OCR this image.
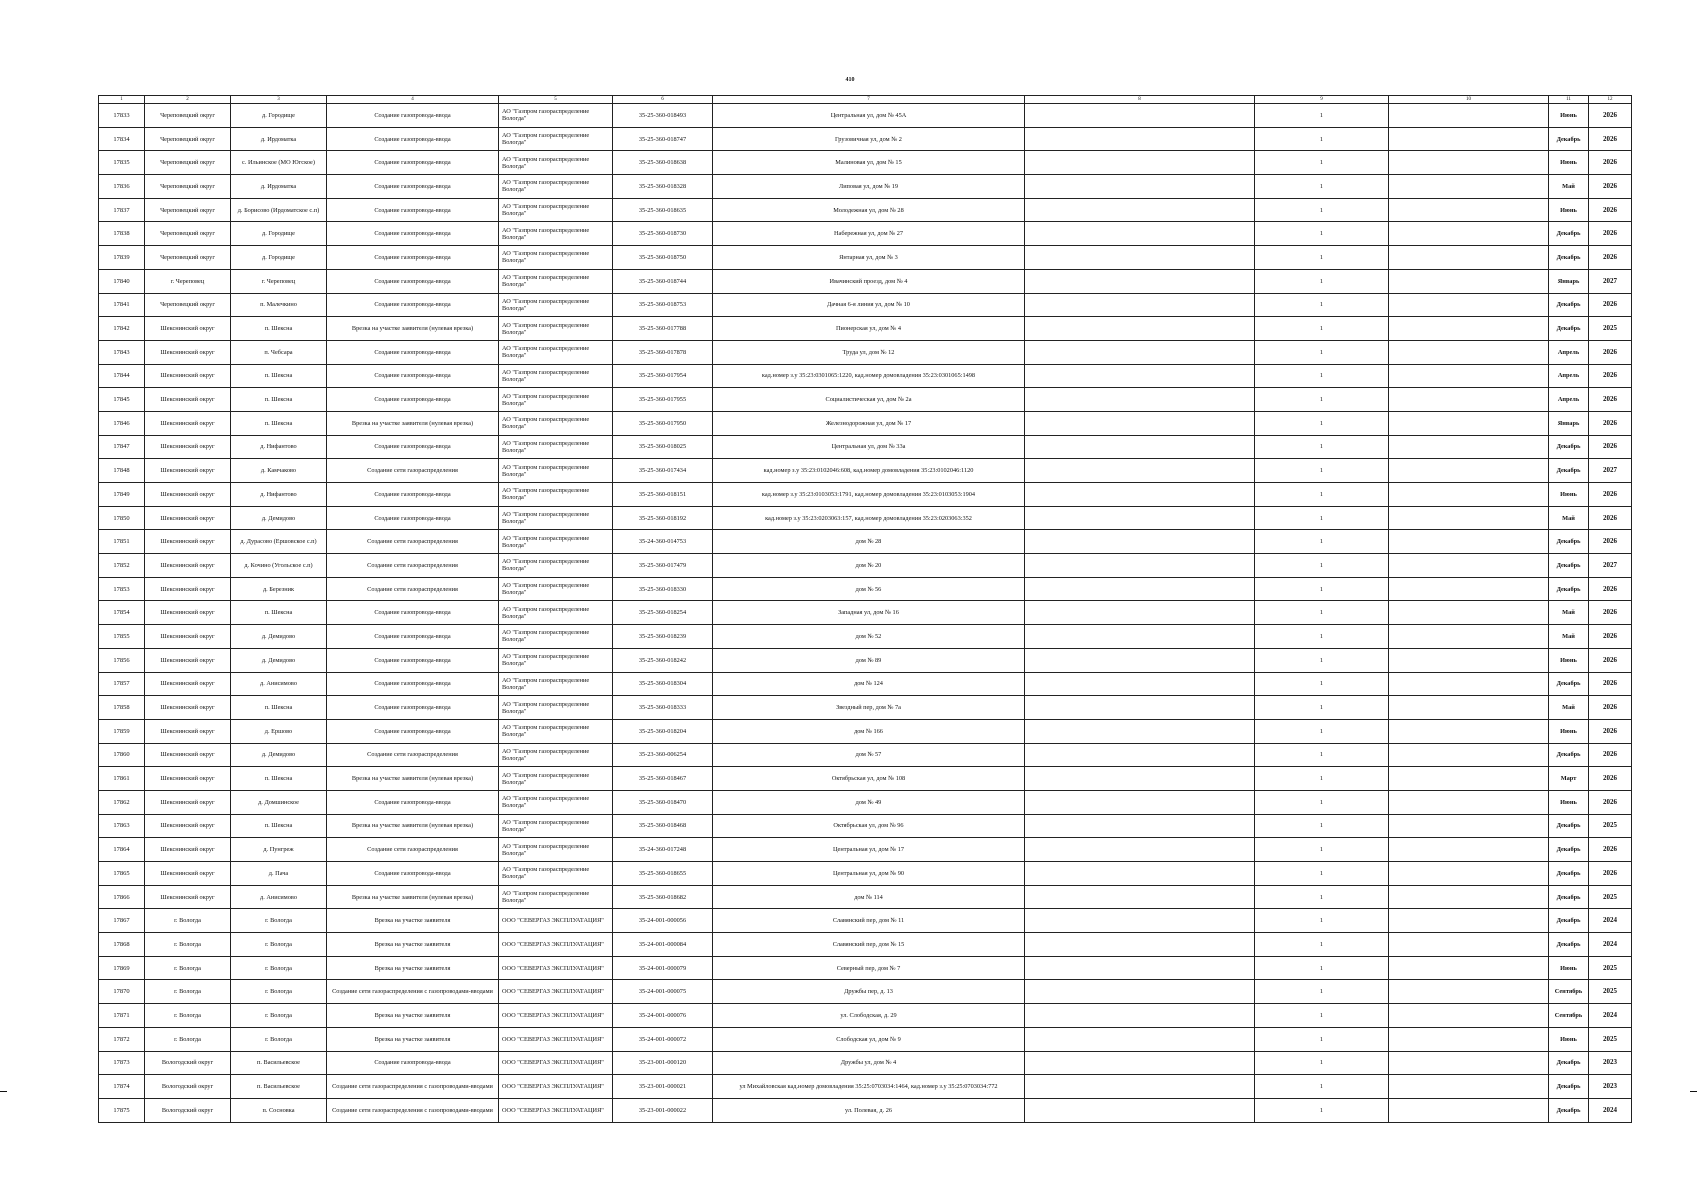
410
1	2	3	4	5	6	7	8	9	10	11	12
17833	Череповецкий округ	д. Городище	Создание газопровода-ввода	АО "Газпром газораспределение Вологда"	35-25-360-018493	Центральная ул, дом № 45А		1		Июнь	2026
17834	Череповецкий округ	д. Ирдоматка	Создание газопровода-ввода	АО "Газпром газораспределение Вологда"	35-25-360-018747	Грузовичная ул, дом № 2		1		Декабрь	2026
17835	Череповецкий округ	с. Ильинское (МО Югское)	Создание газопровода-ввода	АО "Газпром газораспределение Вологда"	35-25-360-018638	Малиновая ул, дом № 15		1		Июнь	2026
17836	Череповецкий округ	д. Ирдоматка	Создание газопровода-ввода	АО "Газпром газораспределение Вологда"	35-25-360-018328	Липовая ул, дом № 19		1		Май	2026
17837	Череповецкий округ	д. Борисово (Ирдоматское с.п)	Создание газопровода-ввода	АО "Газпром газораспределение Вологда"	35-25-360-018635	Молодежная ул, дом № 28		1		Июнь	2026
17838	Череповецкий округ	д. Городище	Создание газопровода-ввода	АО "Газпром газораспределение Вологда"	35-25-360-018730	Набережная ул, дом № 27		1		Декабрь	2026
17839	Череповецкий округ	д. Городище	Создание газопровода-ввода	АО "Газпром газораспределение Вологда"	35-25-360-018750	Янтарная ул, дом № 3		1		Декабрь	2026
17840	г. Череповец	г. Череповец	Создание газопровода-ввода	АО "Газпром газораспределение Вологда"	35-25-360-018744	Ивачинский проезд, дом № 4		1		Январь	2027
17841	Череповецкий округ	п. Малечкино	Создание газопровода-ввода	АО "Газпром газораспределение Вологда"	35-25-360-018753	Дачная 6-я линия ул, дом № 10		1		Декабрь	2026
17842	Шекснинский округ	п. Шексна	Врезка на участке заявителя (нулевая врезка)	АО "Газпром газораспределение Вологда"	35-25-360-017788	Пионерская ул, дом № 4		1		Декабрь	2025
17843	Шекснинский округ	п. Чебсара	Создание газопровода-ввода	АО "Газпром газораспределение Вологда"	35-25-360-017878	Труда ул, дом № 12		1		Апрель	2026
17844	Шекснинский округ	п. Шексна	Создание газопровода-ввода	АО "Газпром газораспределение Вологда"	35-25-360-017954	кад.номер з.у 35:23:0301065:1220, кад.номер домовладения 35:23:0301065:1498		1		Апрель	2026
17845	Шекснинский округ	п. Шексна	Создание газопровода-ввода	АО "Газпром газораспределение Вологда"	35-25-360-017955	Социалистическая ул, дом № 2а		1		Апрель	2026
17846	Шекснинский округ	п. Шексна	Врезка на участке заявителя (нулевая врезка)	АО "Газпром газораспределение Вологда"	35-25-360-017950	Железнодорожная ул, дом № 17		1		Январь	2026
17847	Шекснинский округ	д. Нифантово	Создание газопровода-ввода	АО "Газпром газораспределение Вологда"	35-25-360-018025	Центральная ул, дом № 33а		1		Декабрь	2026
17848	Шекснинский округ	д. Камчаково	Создание сети газораспределения	АО "Газпром газораспределение Вологда"	35-25-360-017434	кад.номер з.у 35:23:0102046:608, кад.номер домовладения 35:23:0102046:1120		1		Декабрь	2027
17849	Шекснинский округ	д. Нифантово	Создание газопровода-ввода	АО "Газпром газораспределение Вологда"	35-25-360-018151	кад.номер з.у 35:23:0103053:1791, кад.номер домовладения 35:23:0103053:1904		1		Июнь	2026
17850	Шекснинский округ	д. Демидово	Создание газопровода-ввода	АО "Газпром газораспределение Вологда"	35-25-360-018192	кад.номер з.у 35:23:0203063:157, кад.номер домовладения 35:23:0203063:352		1		Май	2026
17851	Шекснинский округ	д. Дурасово (Ершовское с.п)	Создание сети газораспределения	АО "Газпром газораспределение Вологда"	35-24-360-014753	дом № 28		1		Декабрь	2026
17852	Шекснинский округ	д. Кочино (Угольское с.п)	Создание сети газораспределения	АО "Газпром газораспределение Вологда"	35-25-360-017479	дом № 20		1		Декабрь	2027
17853	Шекснинский округ	д. Березник	Создание сети газораспределения	АО "Газпром газораспределение Вологда"	35-25-360-018330	дом № 56		1		Декабрь	2026
17854	Шекснинский округ	п. Шексна	Создание газопровода-ввода	АО "Газпром газораспределение Вологда"	35-25-360-018254	Западная ул, дом № 16		1		Май	2026
17855	Шекснинский округ	д. Демидово	Создание газопровода-ввода	АО "Газпром газораспределение Вологда"	35-25-360-018239	дом № 52		1		Май	2026
17856	Шекснинский округ	д. Демидово	Создание газопровода-ввода	АО "Газпром газораспределение Вологда"	35-25-360-018242	дом № 89		1		Июнь	2026
17857	Шекснинский округ	д. Анисимово	Создание газопровода-ввода	АО "Газпром газораспределение Вологда"	35-25-360-018304	дом № 124		1		Декабрь	2026
17858	Шекснинский округ	п. Шексна	Создание газопровода-ввода	АО "Газпром газораспределение Вологда"	35-25-360-018333	Звездный пер, дом № 7а		1		Май	2026
17859	Шекснинский округ	д. Ершово	Создание газопровода-ввода	АО "Газпром газораспределение Вологда"	35-25-360-018204	дом № 166		1		Июнь	2026
17860	Шекснинский округ	д. Демидово	Создание сети газораспределения	АО "Газпром газораспределение Вологда"	35-23-360-006254	дом № 57		1		Декабрь	2026
17861	Шекснинский округ	п. Шексна	Врезка на участке заявителя (нулевая врезка)	АО "Газпром газораспределение Вологда"	35-25-360-018467	Октябрьская ул, дом № 108		1		Март	2026
17862	Шекснинский округ	д. Домшинское	Создание газопровода-ввода	АО "Газпром газораспределение Вологда"	35-25-360-018470	дом № 49		1		Июнь	2026
17863	Шекснинский округ	п. Шексна	Врезка на участке заявителя (нулевая врезка)	АО "Газпром газораспределение Вологда"	35-25-360-018468	Октябрьская ул, дом № 96		1		Декабрь	2025
17864	Шекснинский округ	д. Пунгреж	Создание сети газораспределения	АО "Газпром газораспределение Вологда"	35-24-360-017248	Центральная ул, дом № 17		1		Декабрь	2026
17865	Шекснинский округ	д. Пача	Создание газопровода-ввода	АО "Газпром газораспределение Вологда"	35-25-360-018655	Центральная ул, дом № 90		1		Декабрь	2026
17866	Шекснинский округ	д. Анисимово	Врезка на участке заявителя (нулевая врезка)	АО "Газпром газораспределение Вологда"	35-25-360-018682	дом № 114		1		Декабрь	2025
17867	г. Вологда	г. Вологда	Врезка на участке заявителя	ООО "СЕВЕРГАЗ ЭКСПЛУАТАЦИЯ"	35-24-001-000056	Славянский пер, дом № 11		1		Декабрь	2024
17868	г. Вологда	г. Вологда	Врезка на участке заявителя	ООО "СЕВЕРГАЗ ЭКСПЛУАТАЦИЯ"	35-24-001-000084	Славянский пер, дом № 15		1		Декабрь	2024
17869	г. Вологда	г. Вологда	Врезка на участке заявителя	ООО "СЕВЕРГАЗ ЭКСПЛУАТАЦИЯ"	35-24-001-000079	Северный пер, дом № 7		1		Июнь	2025
17870	г. Вологда	г. Вологда	Создание сети газораспределения с газопроводами-вводами	ООО "СЕВЕРГАЗ ЭКСПЛУАТАЦИЯ"	35-24-001-000075	Дружбы пер, д. 13		1		Сентябрь	2025
17871	г. Вологда	г. Вологда	Врезка на участке заявителя	ООО "СЕВЕРГАЗ ЭКСПЛУАТАЦИЯ"	35-24-001-000076	ул. Слободская, д. 29		1		Сентябрь	2024
17872	г. Вологда	г. Вологда	Врезка на участке заявителя	ООО "СЕВЕРГАЗ ЭКСПЛУАТАЦИЯ"	35-24-001-000072	Слободская ул, дом № 9		1		Июнь	2025
17873	Вологодский округ	п. Васильевское	Создание газопровода-ввода	ООО "СЕВЕРГАЗ ЭКСПЛУАТАЦИЯ"	35-23-001-000120	Дружбы ул, дом № 4		1		Декабрь	2023
17874	Вологодский округ	п. Васильевское	Создание сети газораспределения с газопроводами-вводами	ООО "СЕВЕРГАЗ ЭКСПЛУАТАЦИЯ"	35-23-001-000021	ул Михайловская кад.номер домовладения 35:25:0703034:1464, кад.номер з.у 35:25:0703034:772		1		Декабрь	2023
17875	Вологодский округ	п. Сосновка	Создание сети газораспределения с газопроводами-вводами	ООО "СЕВЕРГАЗ ЭКСПЛУАТАЦИЯ"	35-23-001-000022	ул. Полевая, д. 26		1		Декабрь	2024
